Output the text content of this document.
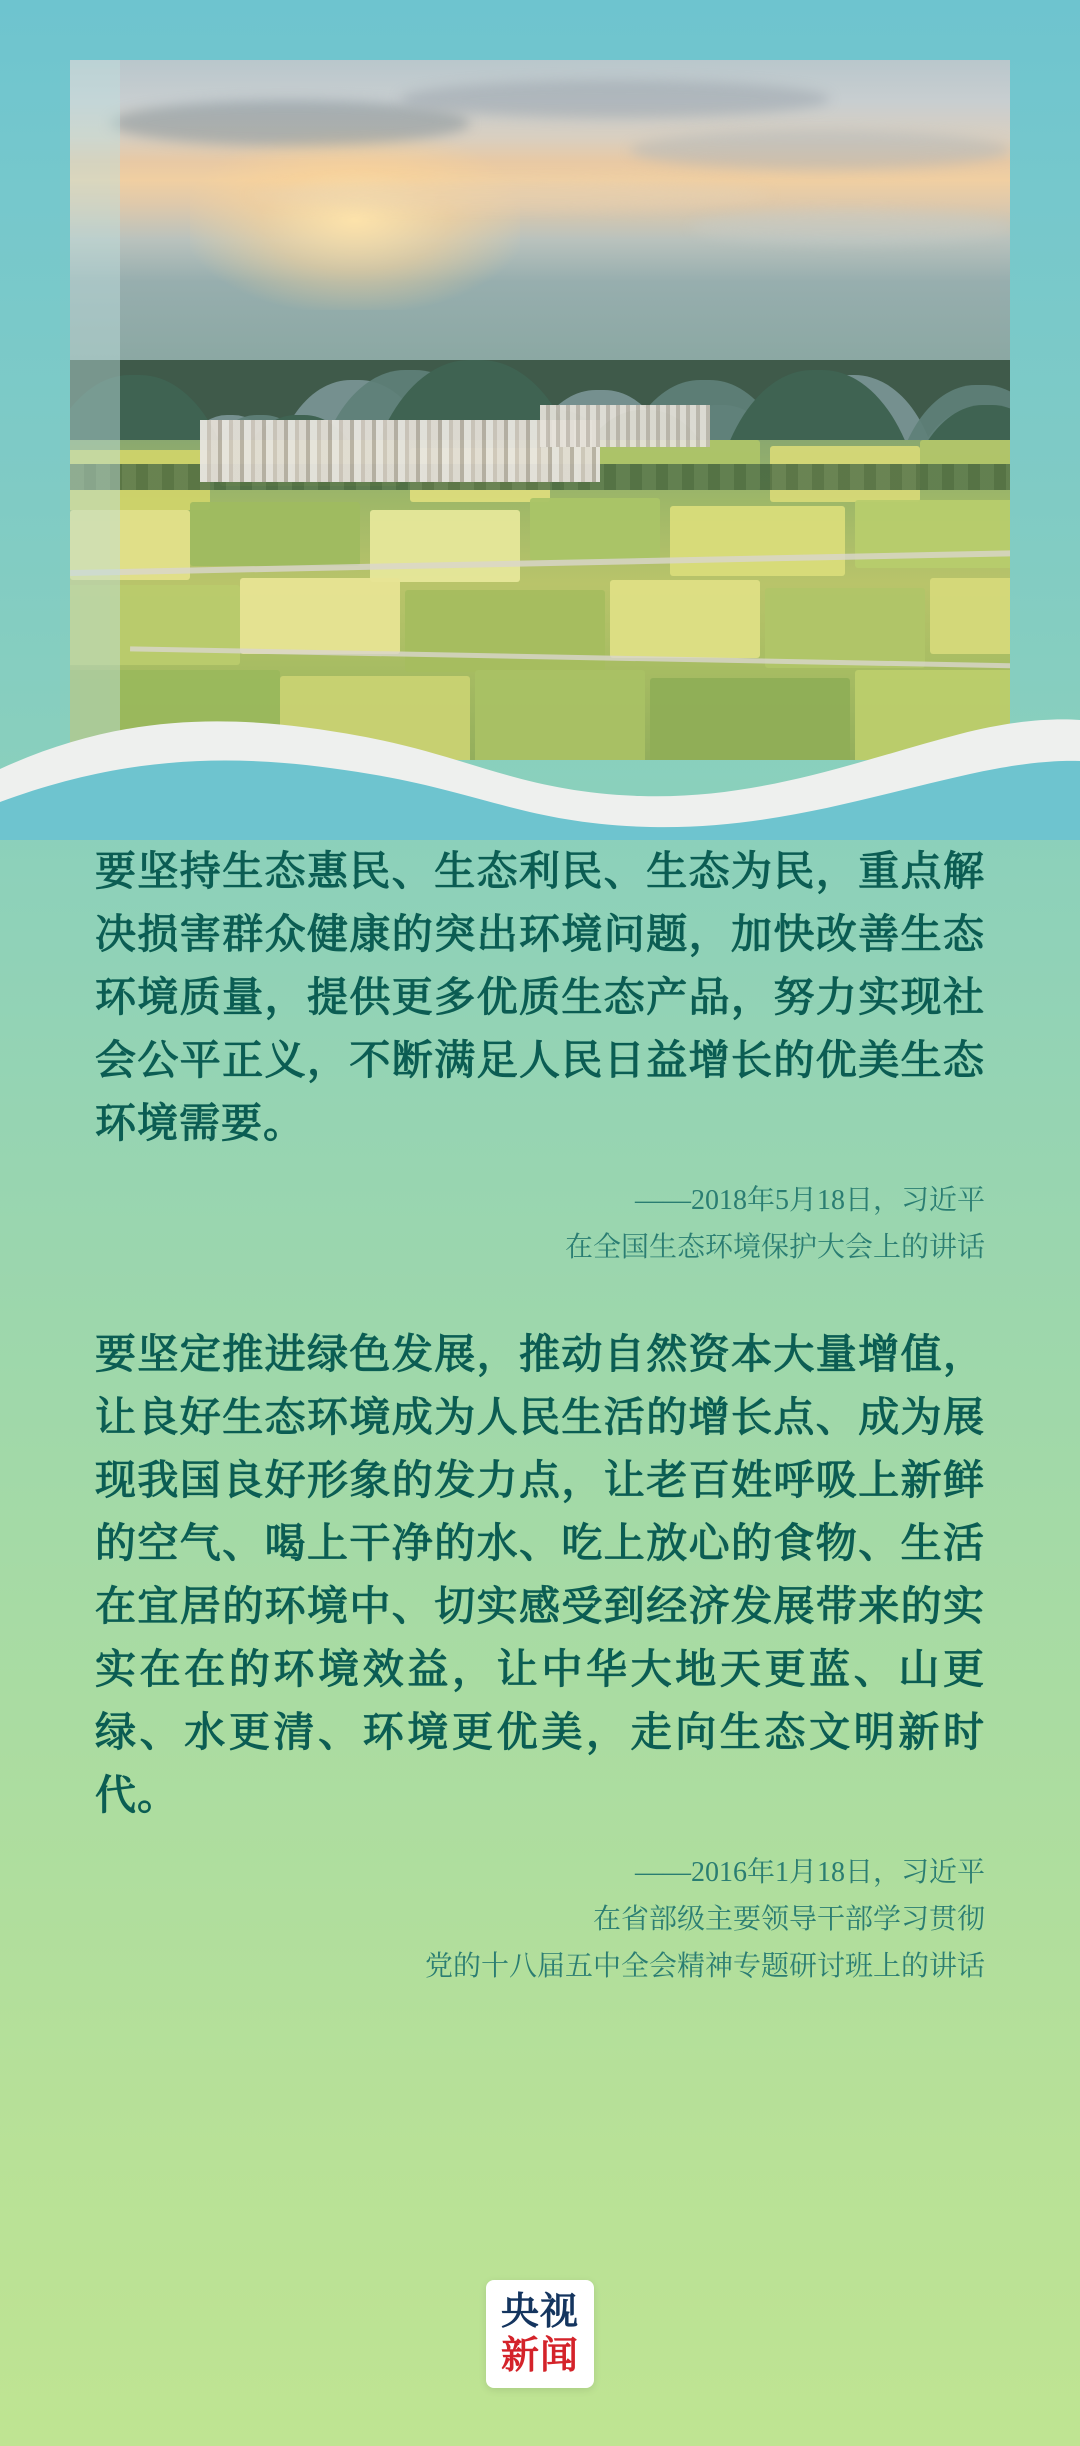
要坚持生态惠民、生态利民、生态为民，重点解决损害群众健康的突出环境问题，加快改善生态环境质量，提供更多优质生态产品，努力实现社会公平正义，不断满足人民日益增长的优美生态环境需要。

——2018年5月18日，习近平
在全国生态环境保护大会上的讲话

要坚定推进绿色发展，推动自然资本大量增值，让良好生态环境成为人民生活的增长点、成为展现我国良好形象的发力点，让老百姓呼吸上新鲜的空气、喝上干净的水、吃上放心的食物、生活在宜居的环境中、切实感受到经济发展带来的实实在在的环境效益，让中华大地天更蓝、山更绿、水更清、环境更优美，走向生态文明新时代。

——2016年1月18日，习近平
在省部级主要领导干部学习贯彻
党的十八届五中全会精神专题研讨班上的讲话
央视
新闻
